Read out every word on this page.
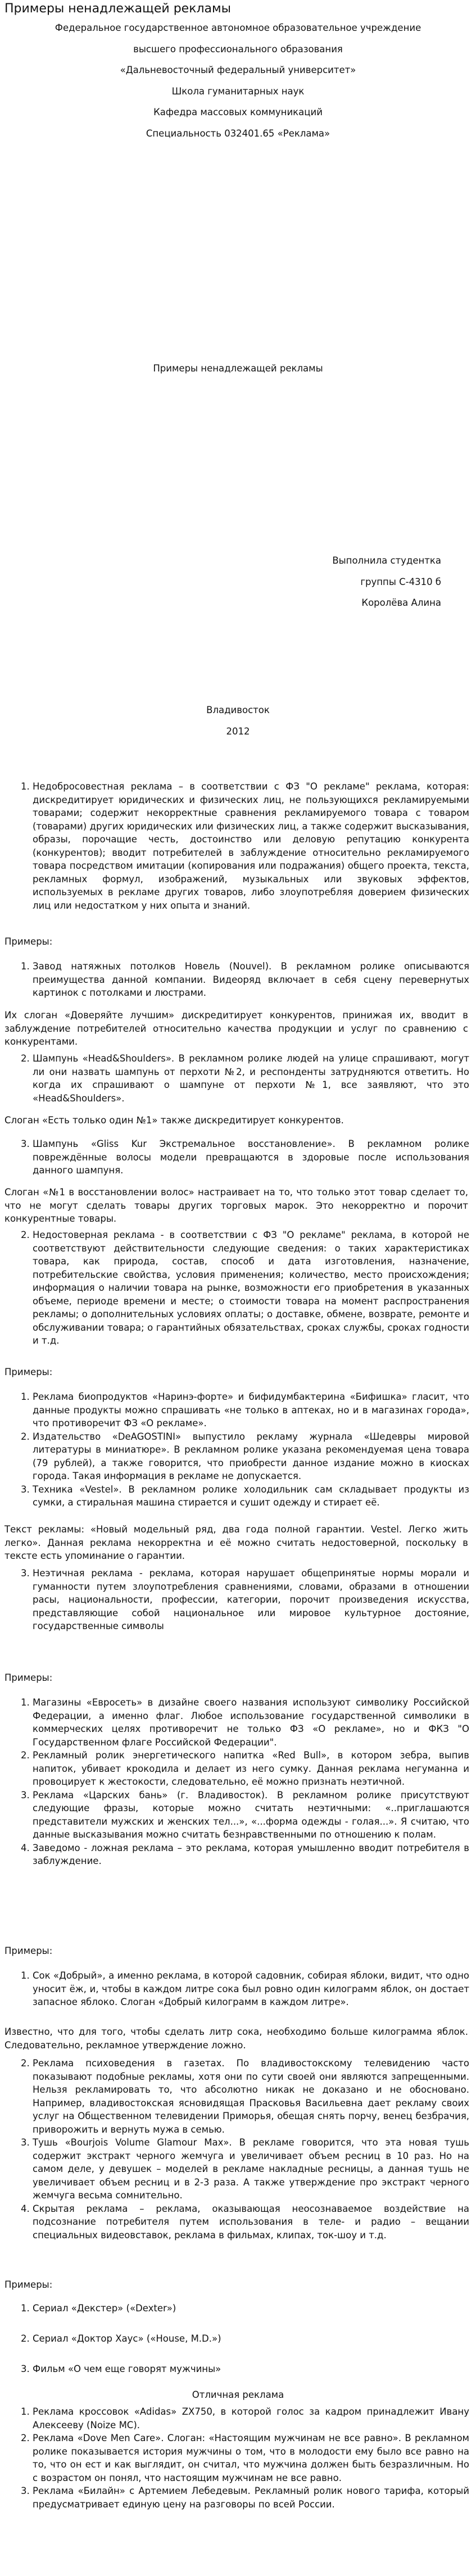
Примеры ненадлежащей рекламы

Федеральное государственное автономное образовательное учреждение

высшего профессионального образования

«Дальневосточный федеральный университет»

Школа гуманитарных наук

Кафедра массовых коммуникаций

Специальность 032401.65 «Реклама»

Примеры ненадлежащей рекламы

Выполнила студентка

группы С-4310 б

Королёва Алина

Владивосток

2012

1. Недобросовестная реклама – в соответствии с ФЗ "О рекламе" реклама, которая: дискредитирует юридических и физических лиц, не пользующихся рекламируемыми товарами; содержит некорректные сравнения рекламируемого товара с товаром (товарами) других юридических или физических лиц, а также содержит высказывания, образы, порочащие честь, достоинство или деловую репутацию конкурента (конкурентов); вводит потребителей в заблуждение относительно рекламируемого товара посредством имитации (копирования или подражания) общего проекта, текста, рекламных формул, изображений, музыкальных или звуковых эффектов, используемых в рекламе других товаров, либо злоупотребляя доверием физических лиц или недостатком у них опыта и знаний.

Примеры:

1. Завод натяжных потолков Новель (Nouvel). В рекламном ролике описываются преимущества данной компании. Видеоряд включает в себя сцену перевернутых картинок с потолками и люстрами.

Их слоган «Доверяйте лучшим» дискредитирует конкурентов, принижая их, вводит в заблуждение потребителей относительно качества продукции и услуг по сравнению с конкурентами.

2. Шампунь «Head&Shoulders». В рекламном ролике людей на улице спрашивают, могут ли они назвать шампунь от перхоти №2, и респонденты затрудняются ответить. Но когда их спрашивают о шампуне от перхоти №1, все заявляют, что это «Head&Shoulders».

Слоган «Есть только один №1» также дискредитирует конкурентов.

3. Шампунь «Gliss Kur Экстремальное восстановление». В рекламном ролике повреждённые волосы модели превращаются в здоровые после использования данного шампуня.

Слоган «№1 в восстановлении волос» настраивает на то, что только этот товар сделает то, что не могут сделать товары других торговых марок. Это некорректно и порочит конкурентные товары.

2. Недостоверная реклама - в соответствии с ФЗ "О рекламе" реклама, в которой не соответствуют действительности следующие сведения: о таких характеристиках товара, как природа, состав, способ и дата изготовления, назначение, потребительские свойства, условия применения; количество, место происхождения; информация о наличии товара на рынке, возможности его приобретения в указанных объеме, периоде времени и месте; о стоимости товара на момент распространения рекламы; о дополнительных условиях оплаты; о доставке, обмене, возврате, ремонте и обслуживании товара; о гарантийных обязательствах, сроках службы, сроках годности и т.д.

Примеры:

1. Реклама биопродуктов «Наринэ-форте» и бифидумбактерина «Бифишка» гласит, что данные продукты можно спрашивать «не только в аптеках, но и в магазинах города», что противоречит ФЗ «О рекламе».
2. Издательство «DeAGOSTINI» выпустило рекламу журнала «Шедевры мировой литературы в миниатюре». В рекламном ролике указана рекомендуемая цена товара (79 рублей), а также говорится, что приобрести данное издание можно в киосках города. Такая информация в рекламе не допускается.
3. Техника «Vestel». В рекламном ролике холодильник сам складывает продукты из сумки, а стиральная машина стирается и сушит одежду и стирает её.

Текст рекламы: «Новый модельный ряд, два года полной гарантии. Vestel. Легко жить легко». Данная реклама некорректна и её можно считать недостоверной, поскольку в тексте есть упоминание о гарантии.

3. Неэтичная реклама - реклама, которая нарушает общепринятые нормы морали и гуманности путем злоупотребления сравнениями, словами, образами в отношении расы, национальности, профессии, категории, порочит произведения искусства, представляющие собой национальное или мировое культурное достояние, государственные символы

Примеры:

1. Магазины «Евросеть» в дизайне своего названия используют символику Российской Федерации, а именно флаг. Любое использование государственной символики в коммерческих целях противоречит не только ФЗ «О рекламе», но и ФКЗ "О Государственном флаге Российской Федерации".
2. Рекламный ролик энергетического напитка «Red Bull», в котором зебра, выпив напиток, убивает крокодила и делает из него сумку. Данная реклама негуманна и провоцирует к жестокости, следовательно, её можно признать неэтичной.
3. Реклама «Царских бань» (г. Владивосток). В рекламном ролике присутствуют следующие фразы, которые можно считать неэтичными: «..приглашаются представители мужских и женских тел...», «...форма одежды - голая...». Я считаю, что данные высказывания можно считать безнравственными по отношению к полам.
4. Заведомо - ложная реклама – это реклама, которая умышленно вводит потребителя в заблуждение.

Примеры:

1. Сок «Добрый», а именно реклама, в которой садовник, собирая яблоки, видит, что одно уносит ёж, и, чтобы в каждом литре сока был ровно один килограмм яблок, он достает запасное яблоко. Слоган «Добрый килограмм в каждом литре».

Известно, что для того, чтобы сделать литр сока, необходимо больше килограмма яблок. Следовательно, рекламное утверждение ложно.

2. Реклама психоведения в газетах. По владивостокскому телевидению часто показывают подобные рекламы, хотя они по сути своей они являются запрещенными. Нельзя рекламировать то, что абсолютно никак не доказано и не обосновано. Например, владивостокская ясновидящая Прасковья Васильевна дает рекламу своих услуг на Общественном телевидении Приморья, обещая снять порчу, венец безбрачия, приворожить и вернуть мужа в семью.
3. Тушь «Bourjois Volume Glamour Max». В рекламе говорится, что эта новая тушь содержит экстракт черного жемчуга и увеличивает объем ресниц в 10 раз. Но на самом деле, у девушек – моделей в рекламе накладные ресницы, а данная тушь не увеличивает объем ресниц и в 2-3 раза. А также утверждение про экстракт черного жемчуга весьма сомнительно.
4. Скрытая реклама – реклама, оказывающая неосознаваемое воздействие на подсознание потребителя путем использования в теле- и радио – вещании специальных видеовставок, реклама в фильмах, клипах, ток-шоу и т.д.

Примеры:

1. Сериал «Декстер» («Dexter»)
2. Сериал «Доктор Хаус» («House, M.D.»)
3. Фильм «О чем еще говорят мужчины»

Отличная реклама

1. Реклама кроссовок «Adidas» ZX750, в которой голос за кадром принадлежит Ивану Алексееву (Noize MC).
2. Реклама «Dove Men Care». Слоган: «Настоящим мужчинам не все равно». В рекламном ролике показывается история мужчины о том, что в молодости ему было все равно на то, что он ест и как выглядит, он считал, что мужчина должен быть безразличным. Но с возрастом он понял, что настоящим мужчинам не все равно.
3. Реклама «Билайн» с Артемием Лебедевым. Рекламный ролик нового тарифа, который предусматривает единую цену на разговоры по всей России.
